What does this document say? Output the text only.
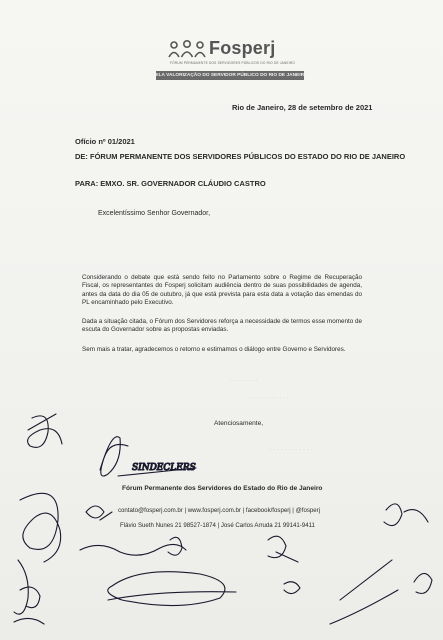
Fosperj
FÓRUM PERMANENTE DOS SERVIDORES PÚBLICOS DO RIO DE JANEIRO
PELA VALORIZAÇÃO DO SERVIDOR PÚBLICO DO RIO DE JANEIRO
Rio de Janeiro, 28 de setembro de 2021
Ofício nº 01/2021
DE: FÓRUM PERMANENTE DOS SERVIDORES PÚBLICOS DO ESTADO DO RIO DE JANEIRO
PARA: EMXO. SR. GOVERNADOR CLÁUDIO CASTRO
Excelentíssimo Senhor Governador,
Considerando o debate que está sendo feito no Parlamento sobre o Regime de Recuperação Fiscal, os representantes do Fosperj solicitam audiência dentro de suas possibilidades de agenda, antes da data do dia 05 de outubro, já que está prevista para esta data a votação das emendas do PL encaminhado pelo Executivo.
Dada a situação citada, o Fórum dos Servidores reforça a necessidade de termos esse momento de escuta do Governador sobre as propostas enviadas.
Sem mais a tratar, agradecemos o retorno e estimamos o diálogo entre Governo e Servidores.
Atenciosamente,
Fórum Permanente dos Servidores do Estado do Rio de Janeiro
contato@fosperj.com.br | www.fosperj.com.br | facebook/fosperj | @fosperj
Flávio Sueth Nunes 21 98527-1874 | José Carlos Arruda 21 99141-9411
· · · · · · · ·
· · · · · · · · · · ·
· · · · · · · · · · · ·
SINDECLERS
